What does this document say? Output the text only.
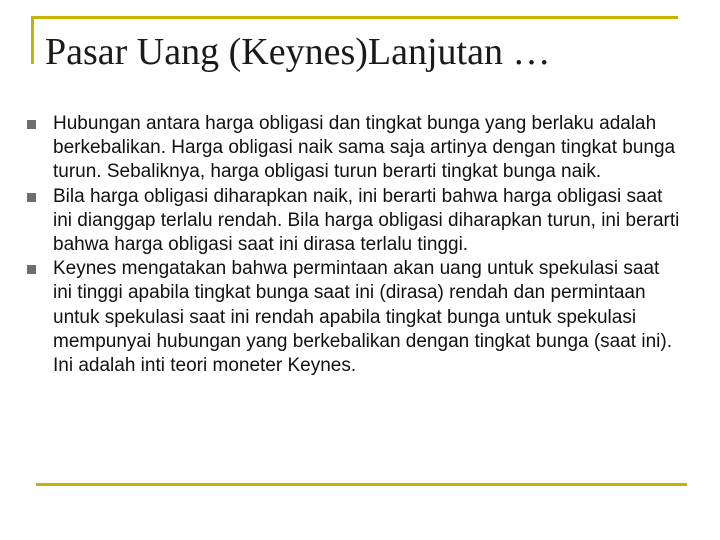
Pasar Uang (Keynes)Lanjutan …
Hubungan antara harga obligasi dan tingkat bunga yang berlaku adalah berkebalikan. Harga obligasi naik sama saja artinya dengan tingkat bunga turun. Sebaliknya, harga obligasi turun berarti tingkat bunga naik.
Bila harga obligasi diharapkan naik, ini berarti bahwa harga obligasi saat ini dianggap terlalu rendah. Bila harga obligasi diharapkan turun, ini berarti bahwa harga obligasi saat ini dirasa terlalu tinggi.
Keynes mengatakan bahwa permintaan akan uang untuk spekulasi saat ini tinggi apabila tingkat bunga saat ini (dirasa) rendah dan permintaan untuk spekulasi saat ini rendah apabila tingkat bunga untuk spekulasi mempunyai hubungan yang berkebalikan dengan tingkat bunga (saat ini). Ini adalah inti teori moneter Keynes.
